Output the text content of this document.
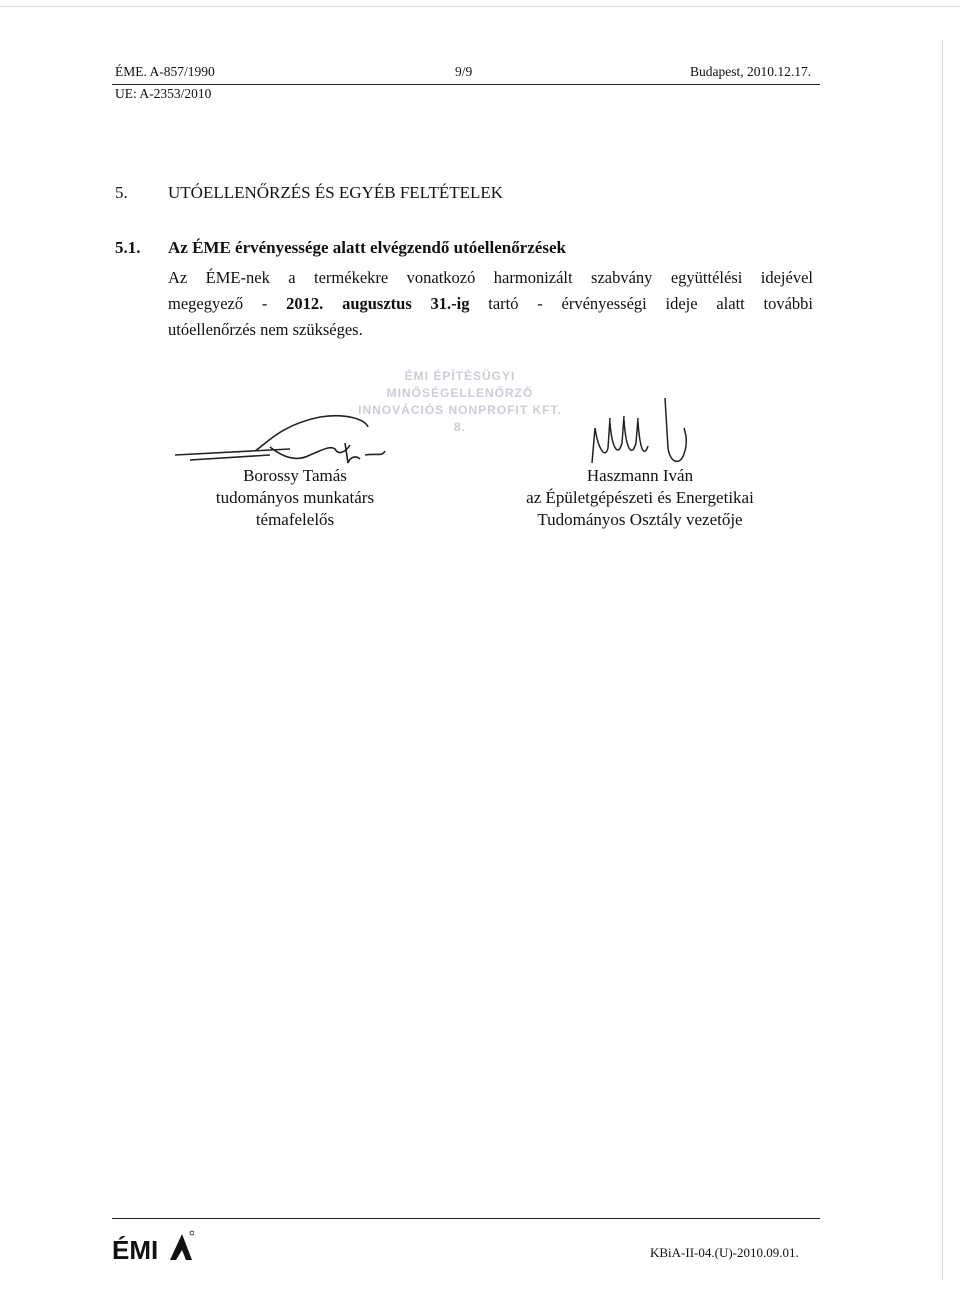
ÉME. A-857/1990	9/9	Budapest, 2010.12.17.
UE: A-2353/2010
5. UTÓELLENŐRZÉS ÉS EGYÉB FELTÉTELEK
5.1. Az ÉME érvényessége alatt elvégzendő utóellenőrzések
Az ÉME-nek a termékekre vonatkozó harmonizált szabvány együttélési idejével
megegyező - 2012. augusztus 31.-ig tartó - érvényességi ideje alatt további
utóellenőrzés nem szükséges.
ÉMI ÉPÍTÉSÜGYI
MINŐSÉGELLENŐRZŐ
INNOVÁCIÓS NONPROFIT KFT.
8.
Borossy Tamás
tudományos munkatárs
témafelelős
Haszmann Iván
az Épületgépészeti és Energetikai
Tudományos Osztály vezetője
ÉMI	KBiA-II-04.(U)-2010.09.01.
